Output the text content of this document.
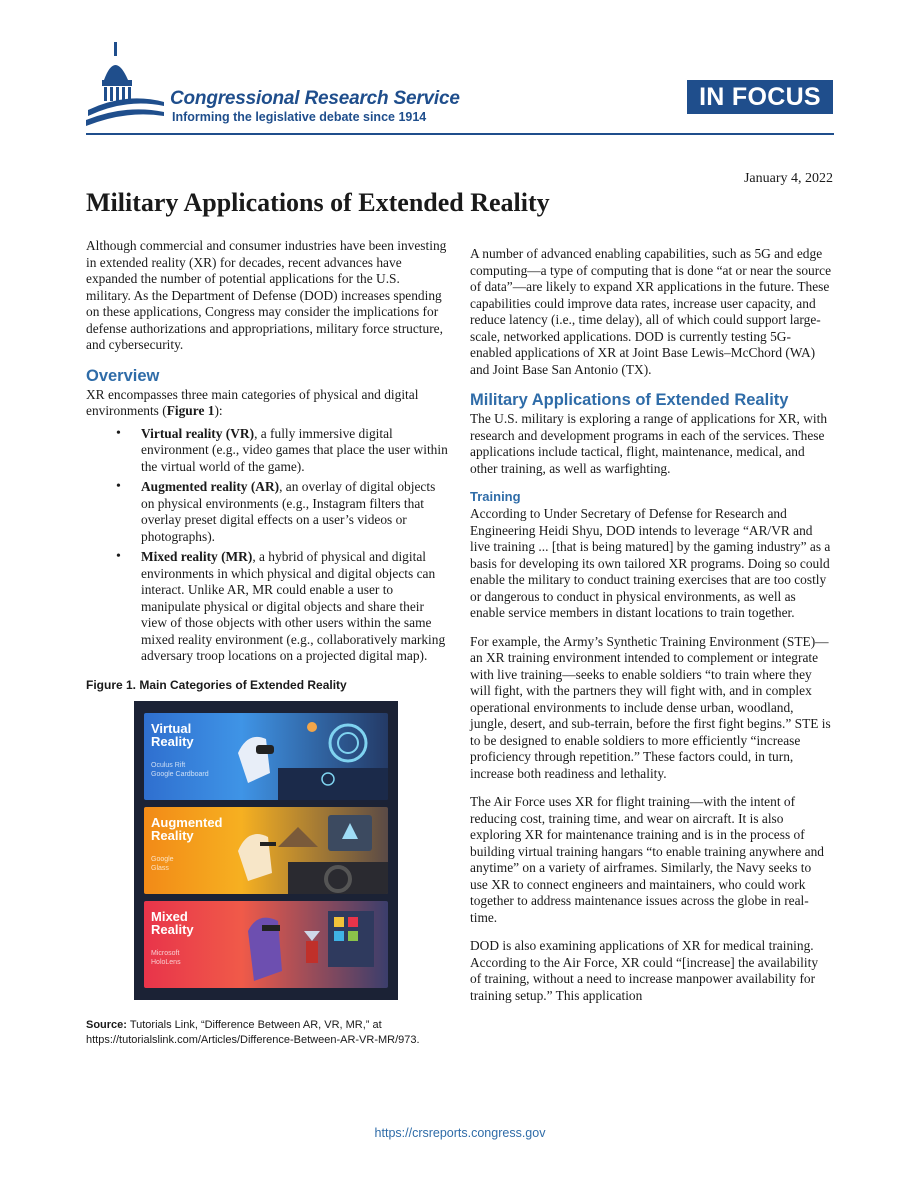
Congressional Research Service
Informing the legislative debate since 1914
IN FOCUS
January 4, 2022
Military Applications of Extended Reality

Although commercial and consumer industries have been investing in extended reality (XR) for decades, recent advances have expanded the number of potential applications for the U.S. military. As the Department of Defense (DOD) increases spending on these applications, Congress may consider the implications for defense authorizations and appropriations, military force structure, and cybersecurity.

Overview

XR encompasses three main categories of physical and digital environments (Figure 1):

• Virtual reality (VR), a fully immersive digital environment (e.g., video games that place the user within the virtual world of the game).
• Augmented reality (AR), an overlay of digital objects on physical environments (e.g., Instagram filters that overlay preset digital effects on a user’s videos or photographs).
• Mixed reality (MR), a hybrid of physical and digital environments in which physical and digital objects can interact. Unlike AR, MR could enable a user to manipulate physical or digital objects and share their view of those objects with other users within the same mixed reality environment (e.g., collaboratively marking adversary troop locations on a projected digital map).
Figure 1. Main Categories of Extended Reality
Virtual
Reality
Oculus Rift
Google Cardboard
Augmented
Reality
Google
Glass
Mixed
Reality
Microsoft
HoloLens
Source: Tutorials Link, “Difference Between AR, VR, MR,” at https://tutorialslink.com/Articles/Difference-Between-AR-VR-MR/973.

A number of advanced enabling capabilities, such as 5G and edge computing—a type of computing that is done “at or near the source of data”—are likely to expand XR applications in the future. These capabilities could improve data rates, increase user capacity, and reduce latency (i.e., time delay), all of which could support large-scale, networked applications. DOD is currently testing 5G-enabled applications of XR at Joint Base Lewis–McChord (WA) and Joint Base San Antonio (TX).

Military Applications of Extended Reality

The U.S. military is exploring a range of applications for XR, with research and development programs in each of the services. These applications include tactical, flight, maintenance, medical, and other training, as well as warfighting.

Training

According to Under Secretary of Defense for Research and Engineering Heidi Shyu, DOD intends to leverage “AR/VR and live training ... [that is being matured] by the gaming industry” as a basis for developing its own tailored XR programs. Doing so could enable the military to conduct training exercises that are too costly or dangerous to conduct in physical environments, as well as enable service members in distant locations to train together.

For example, the Army’s Synthetic Training Environment (STE)—an XR training environment intended to complement or integrate with live training—seeks to enable soldiers “to train where they will fight, with the partners they will fight with, and in complex operational environments to include dense urban, woodland, jungle, desert, and sub-terrain, before the first fight begins.” STE is to be designed to enable soldiers to more efficiently “increase proficiency through repetition.” These factors could, in turn, increase both readiness and lethality.

The Air Force uses XR for flight training—with the intent of reducing cost, training time, and wear on aircraft. It is also exploring XR for maintenance training and is in the process of building virtual training hangars “to enable training anywhere and anytime” on a variety of airframes. Similarly, the Navy seeks to use XR to connect engineers and maintainers, who could work together to address maintenance issues across the globe in real-time.

DOD is also examining applications of XR for medical training. According to the Air Force, XR could “[increase] the availability of training, without a need to increase manpower availability for training setup.” This application

https://crsreports.congress.gov
